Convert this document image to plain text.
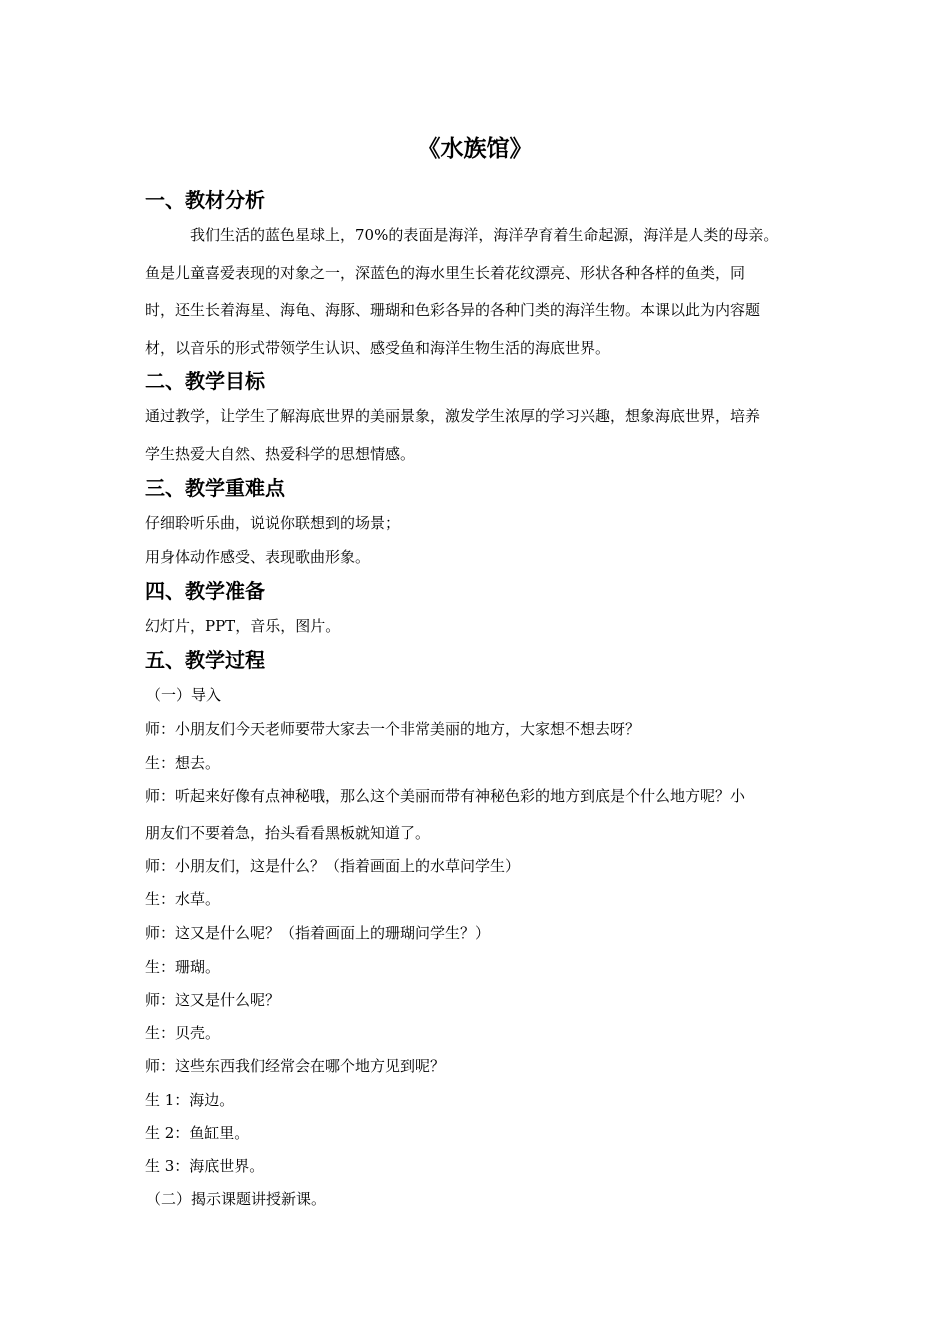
《水族馆》
一、教材分析
我们生活的蓝色星球上，70%的表面是海洋，海洋孕育着生命起源，海洋是人类的母亲。
鱼是儿童喜爱表现的对象之一，深蓝色的海水里生长着花纹漂亮、形状各种各样的鱼类，同
时，还生长着海星、海龟、海豚、珊瑚和色彩各异的各种门类的海洋生物。本课以此为内容题
材，以音乐的形式带领学生认识、感受鱼和海洋生物生活的海底世界。
二、教学目标
通过教学，让学生了解海底世界的美丽景象，激发学生浓厚的学习兴趣，想象海底世界，培养
学生热爱大自然、热爱科学的思想情感。
三、教学重难点
仔细聆听乐曲，说说你联想到的场景；
用身体动作感受、表现歌曲形象。
四、教学准备
幻灯片，PPT，音乐，图片。
五、教学过程
（一）导入
师：小朋友们今天老师要带大家去一个非常美丽的地方，大家想不想去呀？
生：想去。
师：听起来好像有点神秘哦，那么这个美丽而带有神秘色彩的地方到底是个什么地方呢？小
朋友们不要着急，抬头看看黑板就知道了。
师：小朋友们，这是什么？（指着画面上的水草问学生）
生：水草。
师：这又是什么呢？（指着画面上的珊瑚问学生？）
生：珊瑚。
师：这又是什么呢？
生：贝壳。
师：这些东西我们经常会在哪个地方见到呢？
生 1：海边。
生 2：鱼缸里。
生 3：海底世界。
（二）揭示课题讲授新课。
